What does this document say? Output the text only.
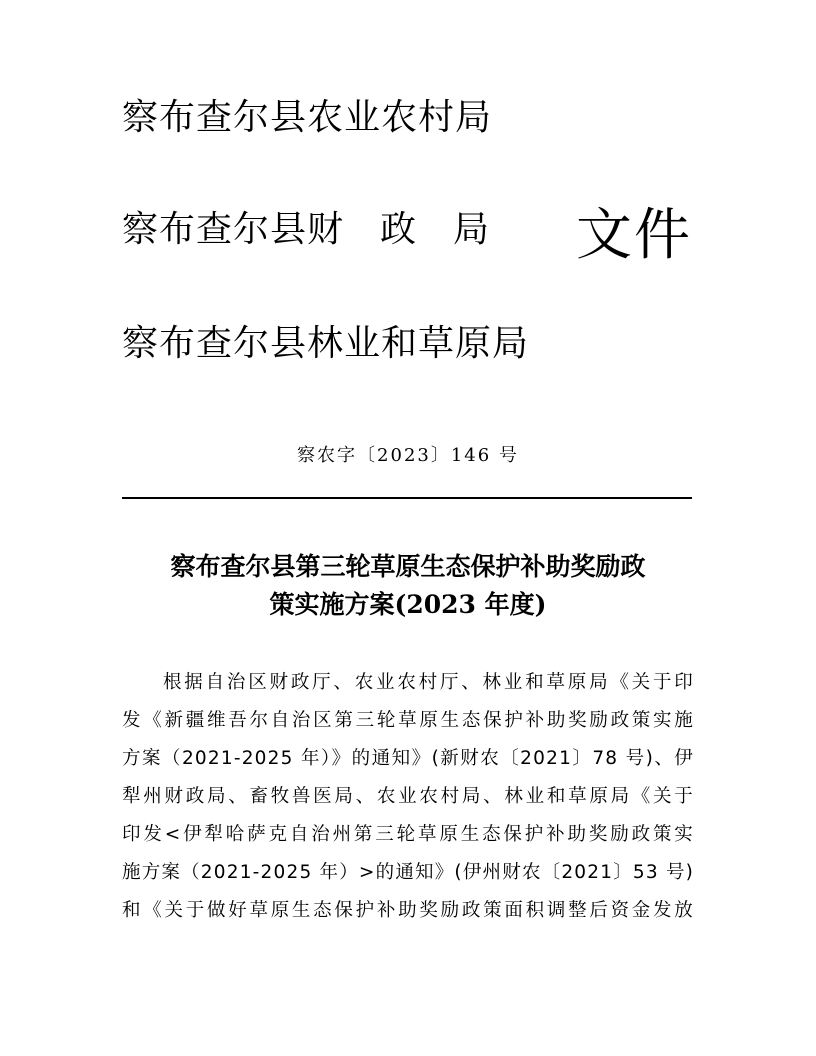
察布查尔县农业农村局
察布查尔县财 政 局
察布查尔县林业和草原局
文件
察农字〔2023〕146 号
察布查尔县第三轮草原生态保护补助奖励政
策实施方案(2023 年度)
根据自治区财政厅、农业农村厅、林业和草原局《关于印
发《新疆维吾尔自治区第三轮草原生态保护补助奖励政策实施
方案（2021-2025 年）》的通知》(新财农〔2021〕78 号)、伊
犁州财政局、畜牧兽医局、农业农村局、林业和草原局《关于
印发<伊犁哈萨克自治州第三轮草原生态保护补助奖励政策实
施方案（2021-2025 年）>的通知》(伊州财农〔2021〕53 号)
和《关于做好草原生态保护补助奖励政策面积调整后资金发放
